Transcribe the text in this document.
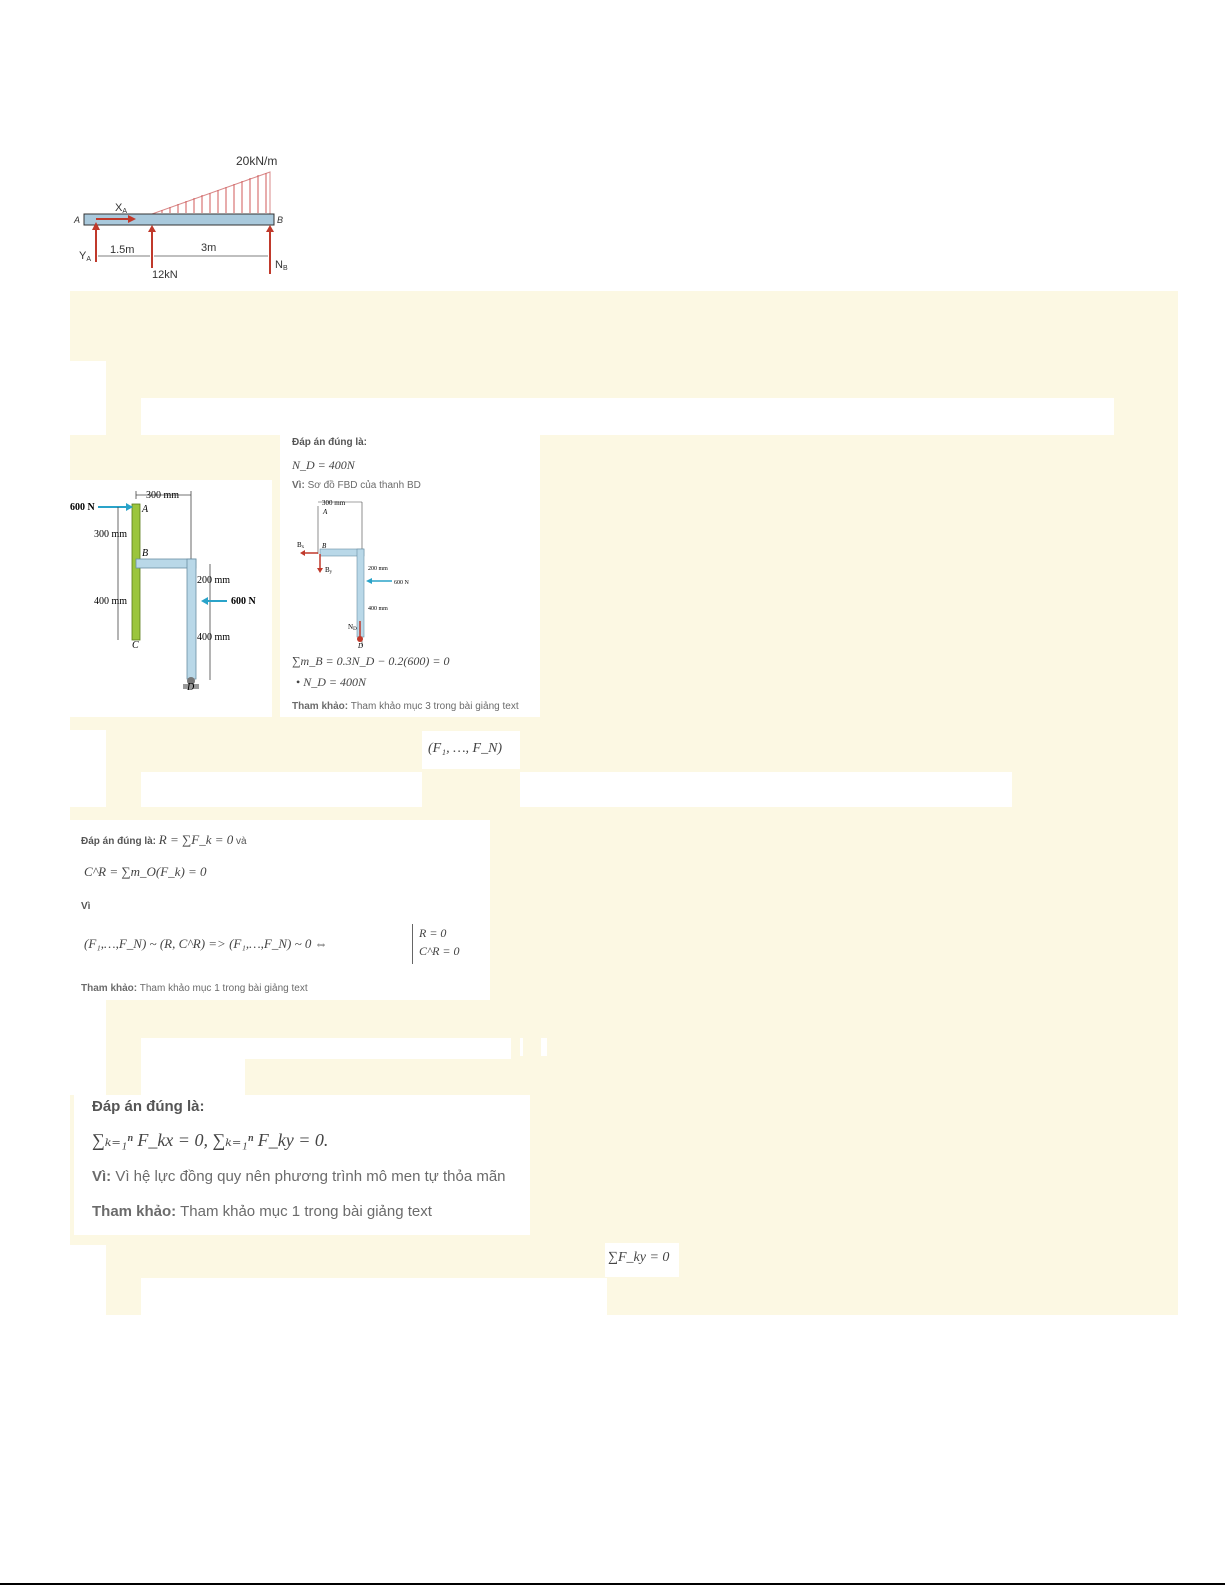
A	B
20kN/m
XA
YA
1.5m	3m
12kN
NB
300 mm
600 N
300 mm
400 mm
200 mm
400 mm
600 N
A
B
C
D
Đáp án đúng là:
N_D = 400N
Vì: Sơ đồ FBD của thanh BD
300 mm
A
B
Bx
By
200 mm
600 N
400 mm
ND
D
∑m_B = 0.3N_D − 0.2(600) = 0
• N_D = 400N
Tham khảo: Tham khảo mục 3 trong bài giảng text
(F₁, …, F_N)
Đáp án đúng là: R = ∑F_k = 0 và
C^R = ∑m_O(F_k) = 0
Vì
(F₁,…,F_N) ~ (R, C^R) => (F₁,…,F_N) ~ 0 ⇔
R = 0
C^R = 0
Tham khảo: Tham khảo mục 1 trong bài giảng text
Đáp án đúng là:
∑ₖ₌₁ⁿ F_kx = 0, ∑ₖ₌₁ⁿ F_ky = 0.
Vì: Vì hệ lực đồng quy nên phương trình mô men tự thỏa mãn
Tham khảo: Tham khảo mục 1 trong bài giảng text
∑F_ky = 0
